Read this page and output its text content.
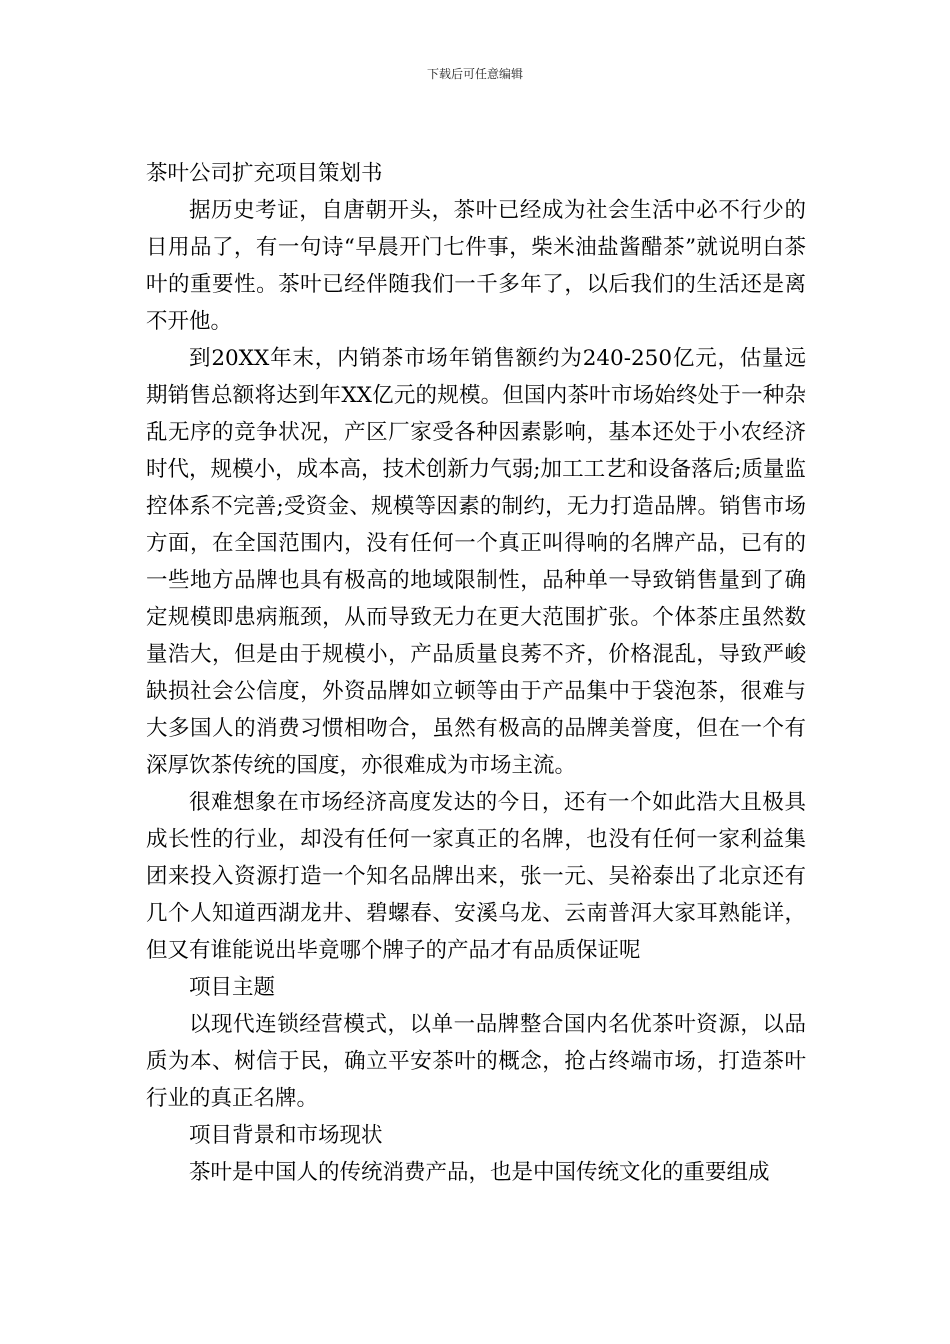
下载后可任意编辑

茶叶公司扩充项目策划书

据历史考证，自唐朝开头，茶叶已经成为社会生活中必不行少的日用品了，有一句诗“早晨开门七件事，柴米油盐酱醋茶”就说明白茶叶的重要性。茶叶已经伴随我们一千多年了，以后我们的生活还是离不开他。

到20XX年末，内销茶市场年销售额约为240-250亿元，估量远期销售总额将达到年XX亿元的规模。但国内茶叶市场始终处于一种杂乱无序的竞争状况，产区厂家受各种因素影响，基本还处于小农经济时代，规模小，成本高，技术创新力气弱;加工工艺和设备落后;质量监控体系不完善;受资金、规模等因素的制约，无力打造品牌。销售市场方面，在全国范围内，没有任何一个真正叫得响的名牌产品，已有的一些地方品牌也具有极高的地域限制性，品种单一导致销售量到了确定规模即患病瓶颈，从而导致无力在更大范围扩张。个体茶庄虽然数量浩大，但是由于规模小，产品质量良莠不齐，价格混乱，导致严峻缺损社会公信度，外资品牌如立顿等由于产品集中于袋泡茶，很难与大多国人的消费习惯相吻合，虽然有极高的品牌美誉度，但在一个有深厚饮茶传统的国度，亦很难成为市场主流。

很难想象在市场经济高度发达的今日，还有一个如此浩大且极具成长性的行业，却没有任何一家真正的名牌，也没有任何一家利益集团来投入资源打造一个知名品牌出来，张一元、吴裕泰出了北京还有几个人知道西湖龙井、碧螺春、安溪乌龙、云南普洱大家耳熟能详，但又有谁能说出毕竟哪个牌子的产品才有品质保证呢

项目主题

以现代连锁经营模式，以单一品牌整合国内名优茶叶资源，以品质为本、树信于民，确立平安茶叶的概念，抢占终端市场，打造茶叶行业的真正名牌。

项目背景和市场现状

茶叶是中国人的传统消费产品，也是中国传统文化的重要组成
